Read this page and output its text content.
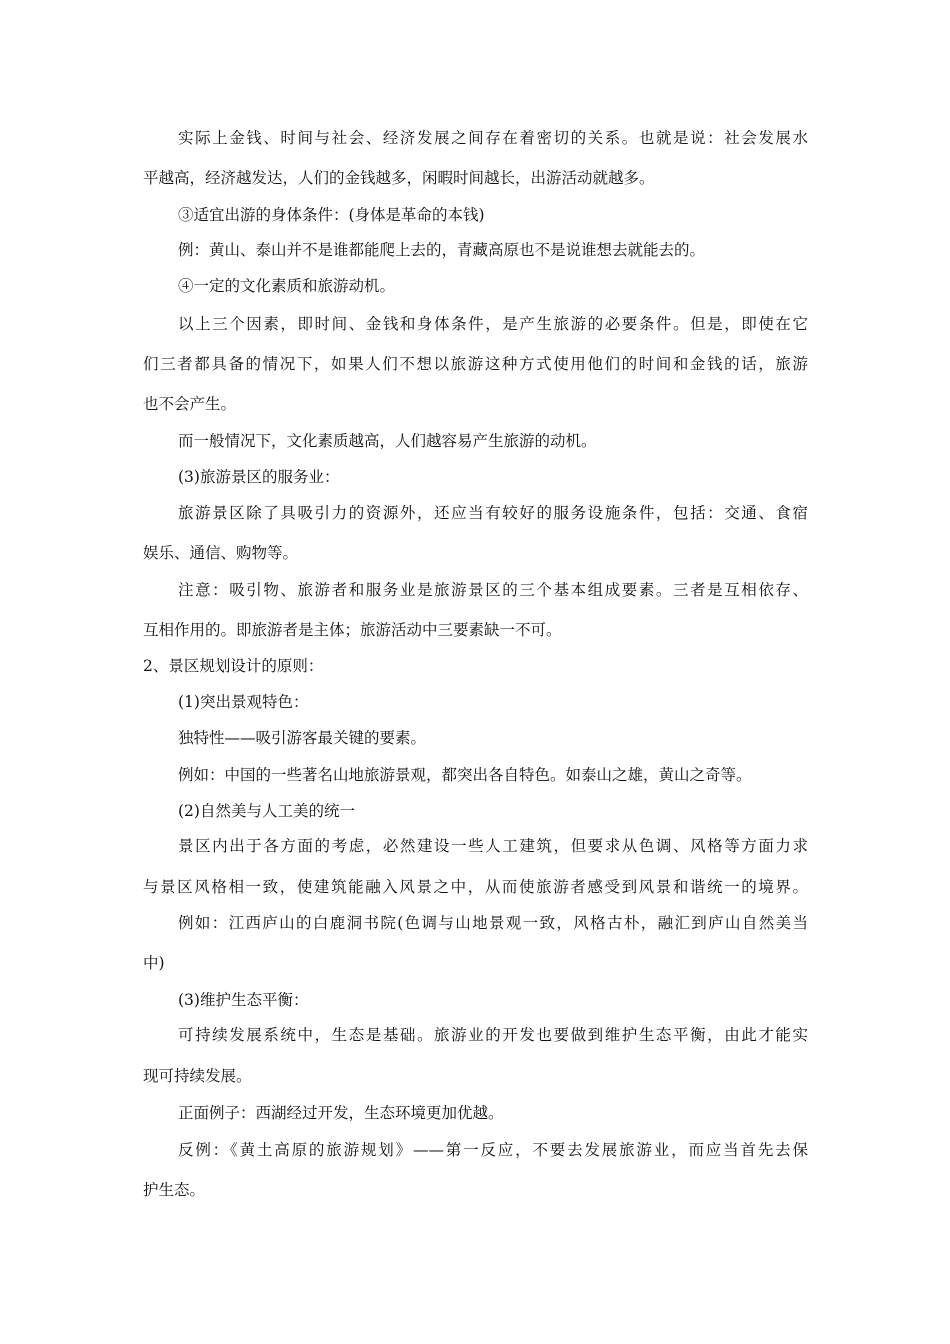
实际上金钱、时间与社会、经济发展之间存在着密切的关系。也就是说：社会发展水
平越高，经济越发达，人们的金钱越多，闲暇时间越长，出游活动就越多。
③适宜出游的身体条件：(身体是革命的本钱)
例：黄山、泰山并不是谁都能爬上去的，青藏高原也不是说谁想去就能去的。
④一定的文化素质和旅游动机。
以上三个因素，即时间、金钱和身体条件，是产生旅游的必要条件。但是，即使在它
们三者都具备的情况下，如果人们不想以旅游这种方式使用他们的时间和金钱的话，旅游
也不会产生。
而一般情况下，文化素质越高，人们越容易产生旅游的动机。
(3)旅游景区的服务业：
旅游景区除了具吸引力的资源外，还应当有较好的服务设施条件，包括：交通、食宿
娱乐、通信、购物等。
注意：吸引物、旅游者和服务业是旅游景区的三个基本组成要素。三者是互相依存、
互相作用的。即旅游者是主体；旅游活动中三要素缺一不可。
2、景区规划设计的原则：
(1)突出景观特色：
独特性——吸引游客最关键的要素。
例如：中国的一些著名山地旅游景观，都突出各自特色。如泰山之雄，黄山之奇等。
(2)自然美与人工美的统一
景区内出于各方面的考虑，必然建设一些人工建筑，但要求从色调、风格等方面力求
与景区风格相一致，使建筑能融入风景之中，从而使旅游者感受到风景和谐统一的境界。
例如：江西庐山的白鹿洞书院(色调与山地景观一致，风格古朴，融汇到庐山自然美当
中)
(3)维护生态平衡：
可持续发展系统中，生态是基础。旅游业的开发也要做到维护生态平衡，由此才能实
现可持续发展。
正面例子：西湖经过开发，生态环境更加优越。
反例：《黄土高原的旅游规划》——第一反应，不要去发展旅游业，而应当首先去保
护生态。
